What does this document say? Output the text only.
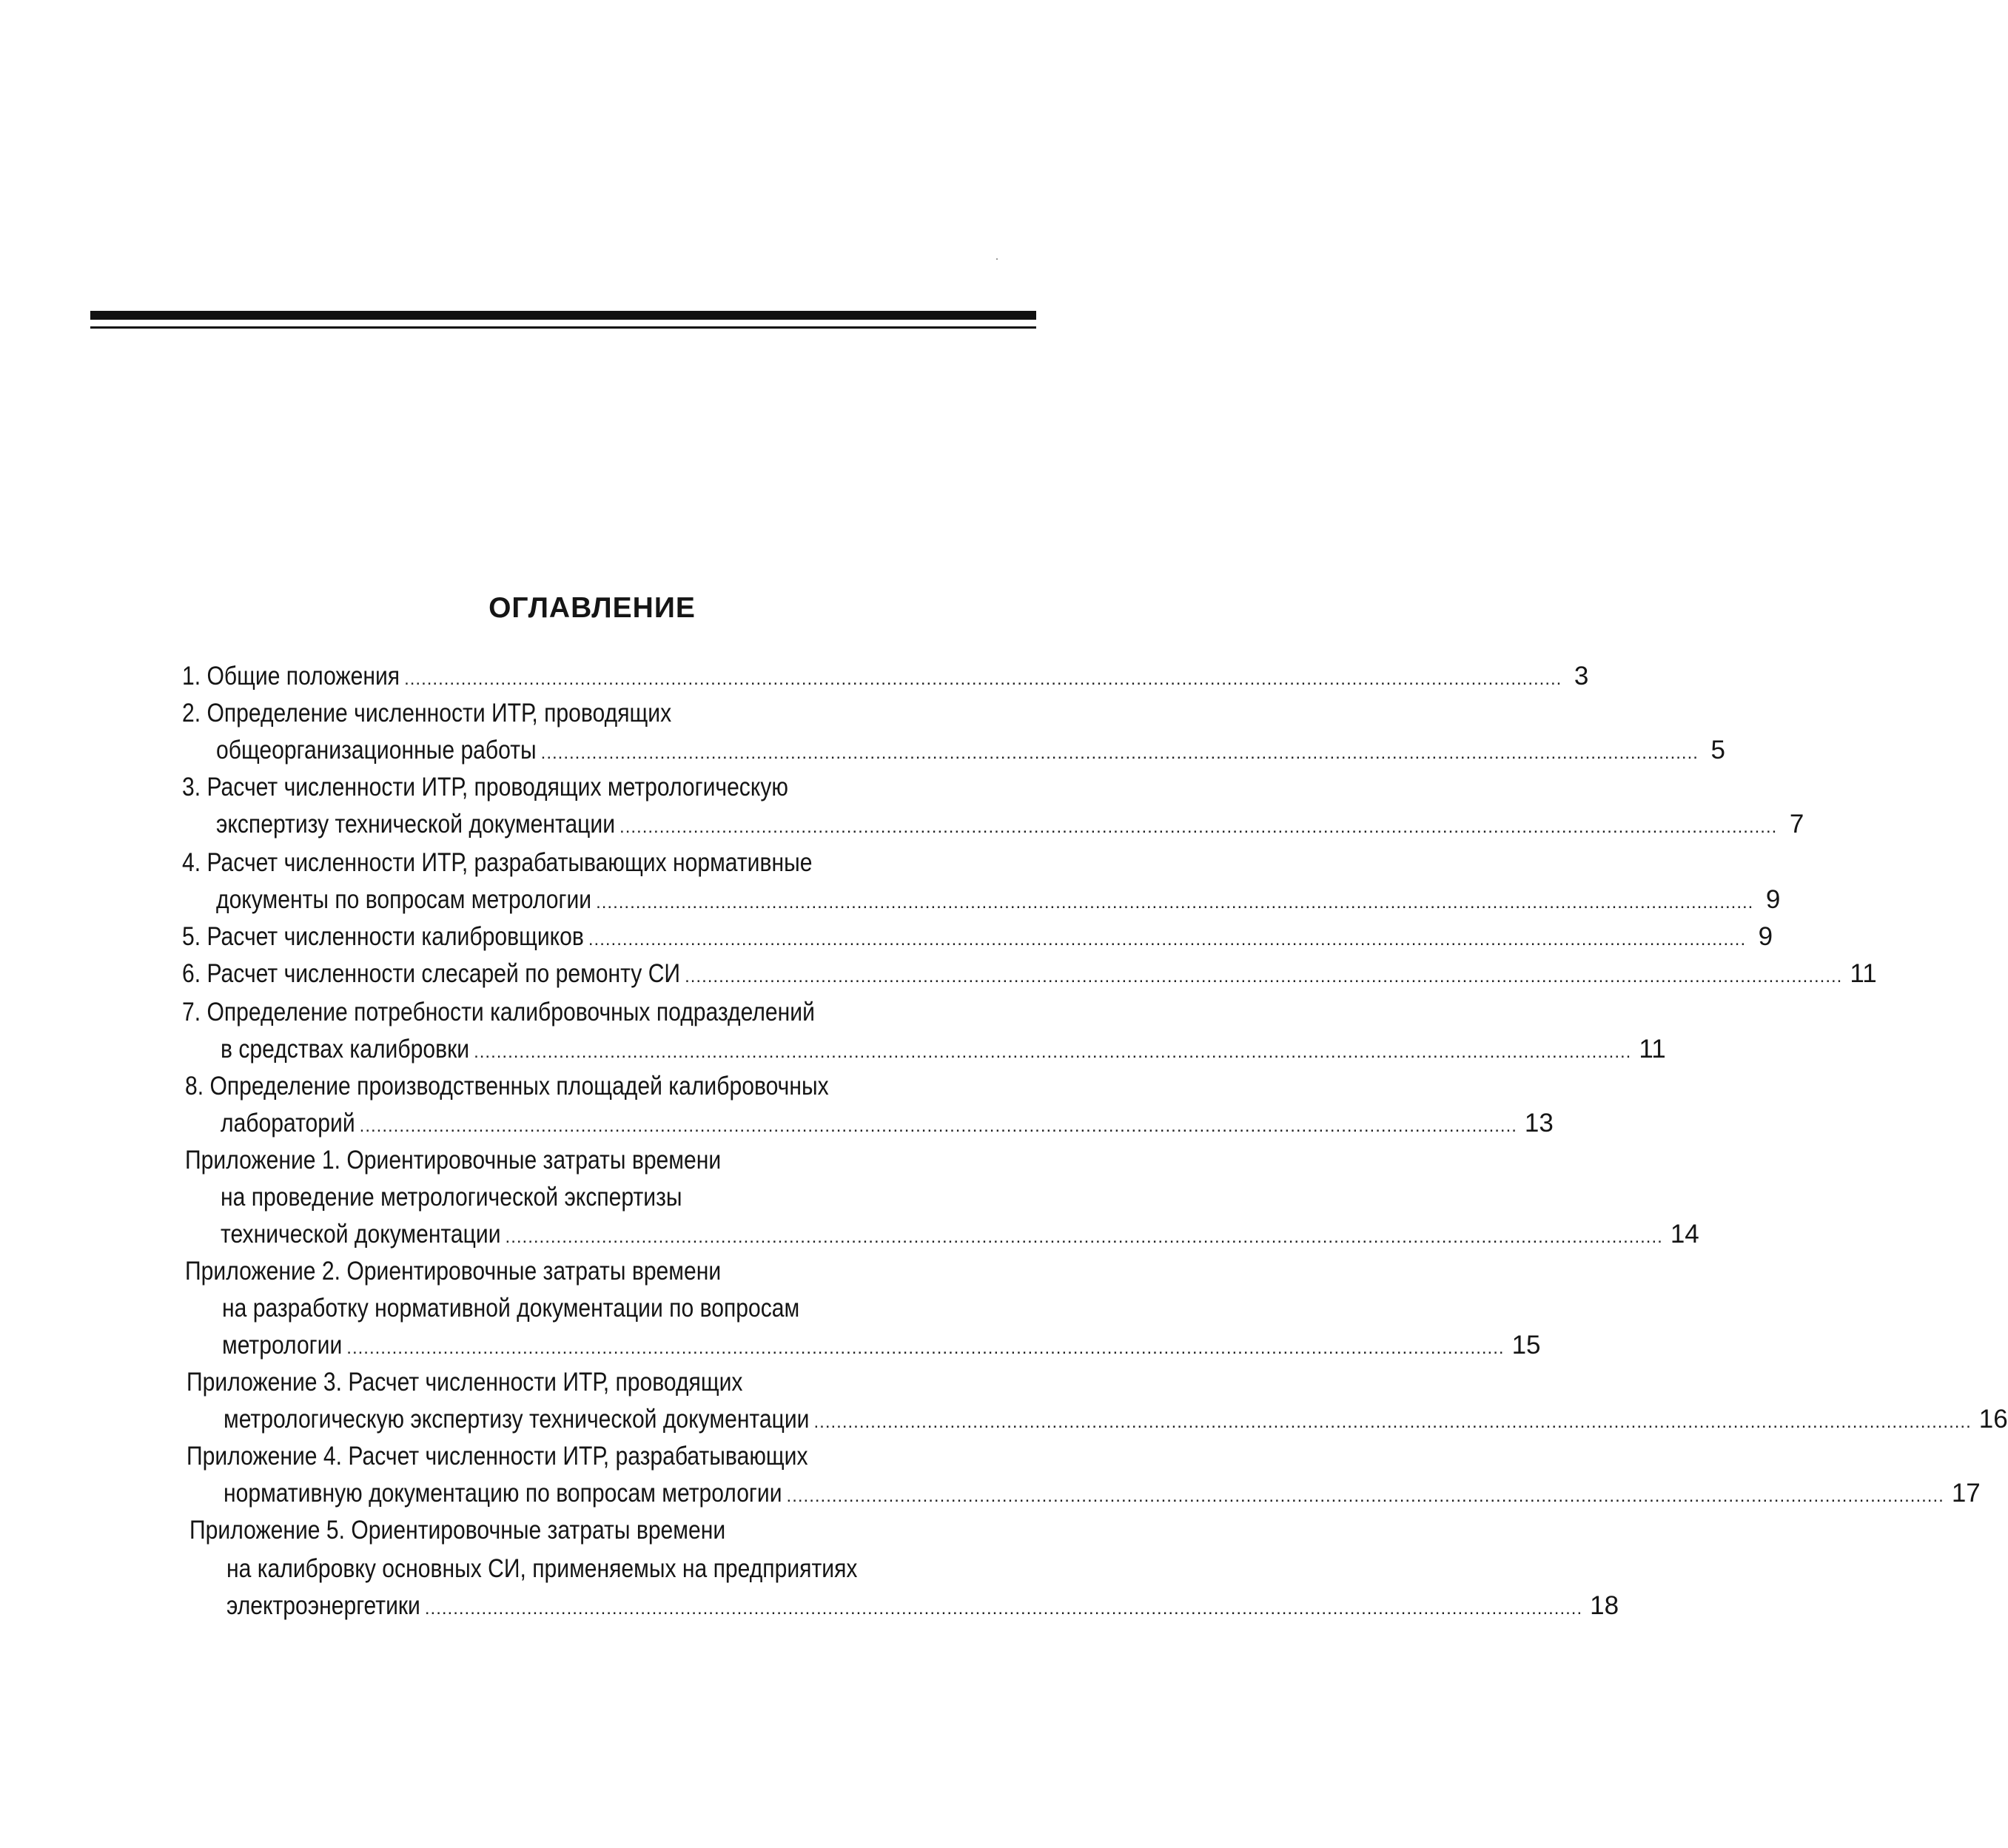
ОГЛАВЛЕНИЕ
1. Общие положения ............................................................................................................................................................................................................ 3
2. Определение численности ИТР, проводящих
общеорганизационные работы ............................................................................................................................................................................................................ 5
3. Расчет численности ИТР, проводящих метрологическую
экспертизу технической документации ............................................................................................................................................................................................................ 7
4. Расчет численности ИТР, разрабатывающих нормативные
документы по вопросам метрологии ............................................................................................................................................................................................................ 9
5. Расчет численности калибровщиков ............................................................................................................................................................................................................ 9
6. Расчет численности слесарей по ремонту СИ ............................................................................................................................................................................................................ 11
7. Определение потребности калибровочных подразделений
в средствах калибровки ............................................................................................................................................................................................................ 11
8. Определение производственных площадей калибровочных
лабораторий ............................................................................................................................................................................................................ 13
Приложение 1. Ориентировочные затраты времени
на проведение метрологической экспертизы
технической документации ............................................................................................................................................................................................................ 14
Приложение 2. Ориентировочные затраты времени
на разработку нормативной документации по вопросам
метрологии ............................................................................................................................................................................................................ 15
Приложение 3. Расчет численности ИТР, проводящих
метрологическую экспертизу технической документации ............................................................................................................................................................................................................ 16
Приложение 4. Расчет численности ИТР, разрабатывающих
нормативную документацию по вопросам метрологии ............................................................................................................................................................................................................ 17
Приложение 5. Ориентировочные затраты времени
на калибровку основных СИ, применяемых на предприятиях
электроэнергетики ............................................................................................................................................................................................................ 18
